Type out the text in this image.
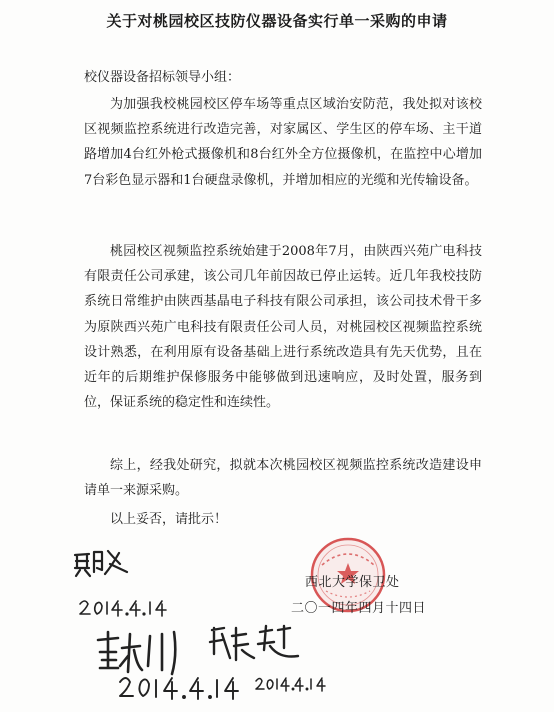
关于对桃园校区技防仪器设备实行单一采购的申请
校仪器设备招标领导小组：

为加强我校桃园校区停车场等重点区域治安防范，我处拟对该校区视频监控系统进行改造完善，对家属区、学生区的停车场、主干道路增加4台红外枪式摄像机和8台红外全方位摄像机，在监控中心增加7台彩色显示器和1台硬盘录像机，并增加相应的光缆和光传输设备。

桃园校区视频监控系统始建于2008年7月，由陕西兴苑广电科技有限责任公司承建，该公司几年前因故已停止运转。近几年我校技防系统日常维护由陕西基晶电子科技有限公司承担，该公司技术骨干多为原陕西兴苑广电科技有限责任公司人员，对桃园校区视频监控系统设计熟悉，在利用原有设备基础上进行系统改造具有先天优势，且在近年的后期维护保修服务中能够做到迅速响应，及时处置，服务到位，保证系统的稳定性和连续性。

综上，经我处研究，拟就本次桃园校区视频监控系统改造建设申请单一来源采购。

以上妥否，请批示！

西北大学保卫处
二〇一四年四月十四日
